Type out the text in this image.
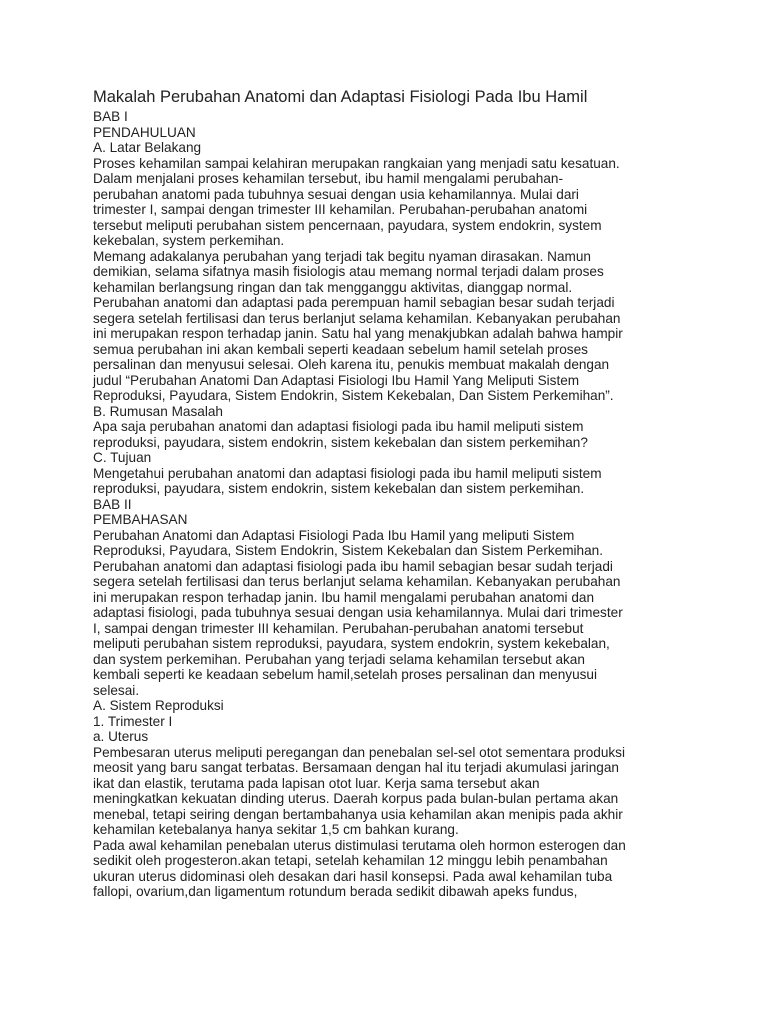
Makalah Perubahan Anatomi dan Adaptasi Fisiologi Pada Ibu Hamil

BAB I

PENDAHULUAN

A. Latar Belakang

Proses kehamilan sampai kelahiran merupakan rangkaian yang menjadi satu kesatuan.

Dalam menjalani proses kehamilan tersebut, ibu hamil mengalami perubahan-

perubahan anatomi pada tubuhnya sesuai dengan usia kehamilannya. Mulai dari

trimester I, sampai dengan trimester III kehamilan. Perubahan-perubahan anatomi

tersebut meliputi perubahan sistem pencernaan, payudara, system endokrin, system

kekebalan, system perkemihan.

Memang adakalanya perubahan yang terjadi tak begitu nyaman dirasakan. Namun

demikian, selama sifatnya masih fisiologis atau memang normal terjadi dalam proses

kehamilan berlangsung ringan dan tak mengganggu aktivitas, dianggap normal.

Perubahan anatomi dan adaptasi pada perempuan hamil sebagian besar sudah terjadi

segera setelah fertilisasi dan terus berlanjut selama kehamilan. Kebanyakan perubahan

ini merupakan respon terhadap janin. Satu hal yang menakjubkan adalah bahwa hampir

semua perubahan ini akan kembali seperti keadaan sebelum hamil setelah proses

persalinan dan menyusui selesai. Oleh karena itu, penukis membuat makalah dengan

judul “Perubahan Anatomi Dan Adaptasi Fisiologi Ibu Hamil Yang Meliputi Sistem

Reproduksi, Payudara, Sistem Endokrin, Sistem Kekebalan, Dan Sistem Perkemihan”.

B. Rumusan Masalah

Apa saja perubahan anatomi dan adaptasi fisiologi pada ibu hamil meliputi sistem

reproduksi, payudara, sistem endokrin, sistem kekebalan dan sistem perkemihan?

C. Tujuan

Mengetahui perubahan anatomi dan adaptasi fisiologi pada ibu hamil meliputi sistem

reproduksi, payudara, sistem endokrin, sistem kekebalan dan sistem perkemihan.

BAB II

PEMBAHASAN

Perubahan Anatomi dan Adaptasi Fisiologi Pada Ibu Hamil yang meliputi Sistem

Reproduksi, Payudara, Sistem Endokrin, Sistem Kekebalan dan Sistem Perkemihan.

Perubahan anatomi dan adaptasi fisiologi pada ibu hamil sebagian besar sudah terjadi

segera setelah fertilisasi dan terus berlanjut selama kehamilan. Kebanyakan perubahan

ini merupakan respon terhadap janin. Ibu hamil mengalami perubahan anatomi dan

adaptasi fisiologi, pada tubuhnya sesuai dengan usia kehamilannya. Mulai dari trimester

I, sampai dengan trimester III kehamilan. Perubahan-perubahan anatomi tersebut

meliputi perubahan sistem reproduksi, payudara, system endokrin, system kekebalan,

dan system perkemihan. Perubahan yang terjadi selama kehamilan tersebut akan

kembali seperti ke keadaan sebelum hamil,setelah proses persalinan dan menyusui

selesai.

A. Sistem Reproduksi

1. Trimester I

a. Uterus

Pembesaran uterus meliputi peregangan dan penebalan sel-sel otot sementara produksi

meosit yang baru sangat terbatas. Bersamaan dengan hal itu terjadi akumulasi jaringan

ikat dan elastik, terutama pada lapisan otot luar. Kerja sama tersebut akan

meningkatkan kekuatan dinding uterus. Daerah korpus pada bulan-bulan pertama akan

menebal, tetapi seiring dengan bertambahanya usia kehamilan akan menipis pada akhir

kehamilan ketebalanya hanya sekitar 1,5 cm bahkan kurang.

Pada awal kehamilan penebalan uterus distimulasi terutama oleh hormon esterogen dan

sedikit oleh progesteron.akan tetapi, setelah kehamilan 12 minggu lebih penambahan

ukuran uterus didominasi oleh desakan dari hasil konsepsi. Pada awal kehamilan tuba

fallopi, ovarium,dan ligamentum rotundum berada sedikit dibawah apeks fundus,
